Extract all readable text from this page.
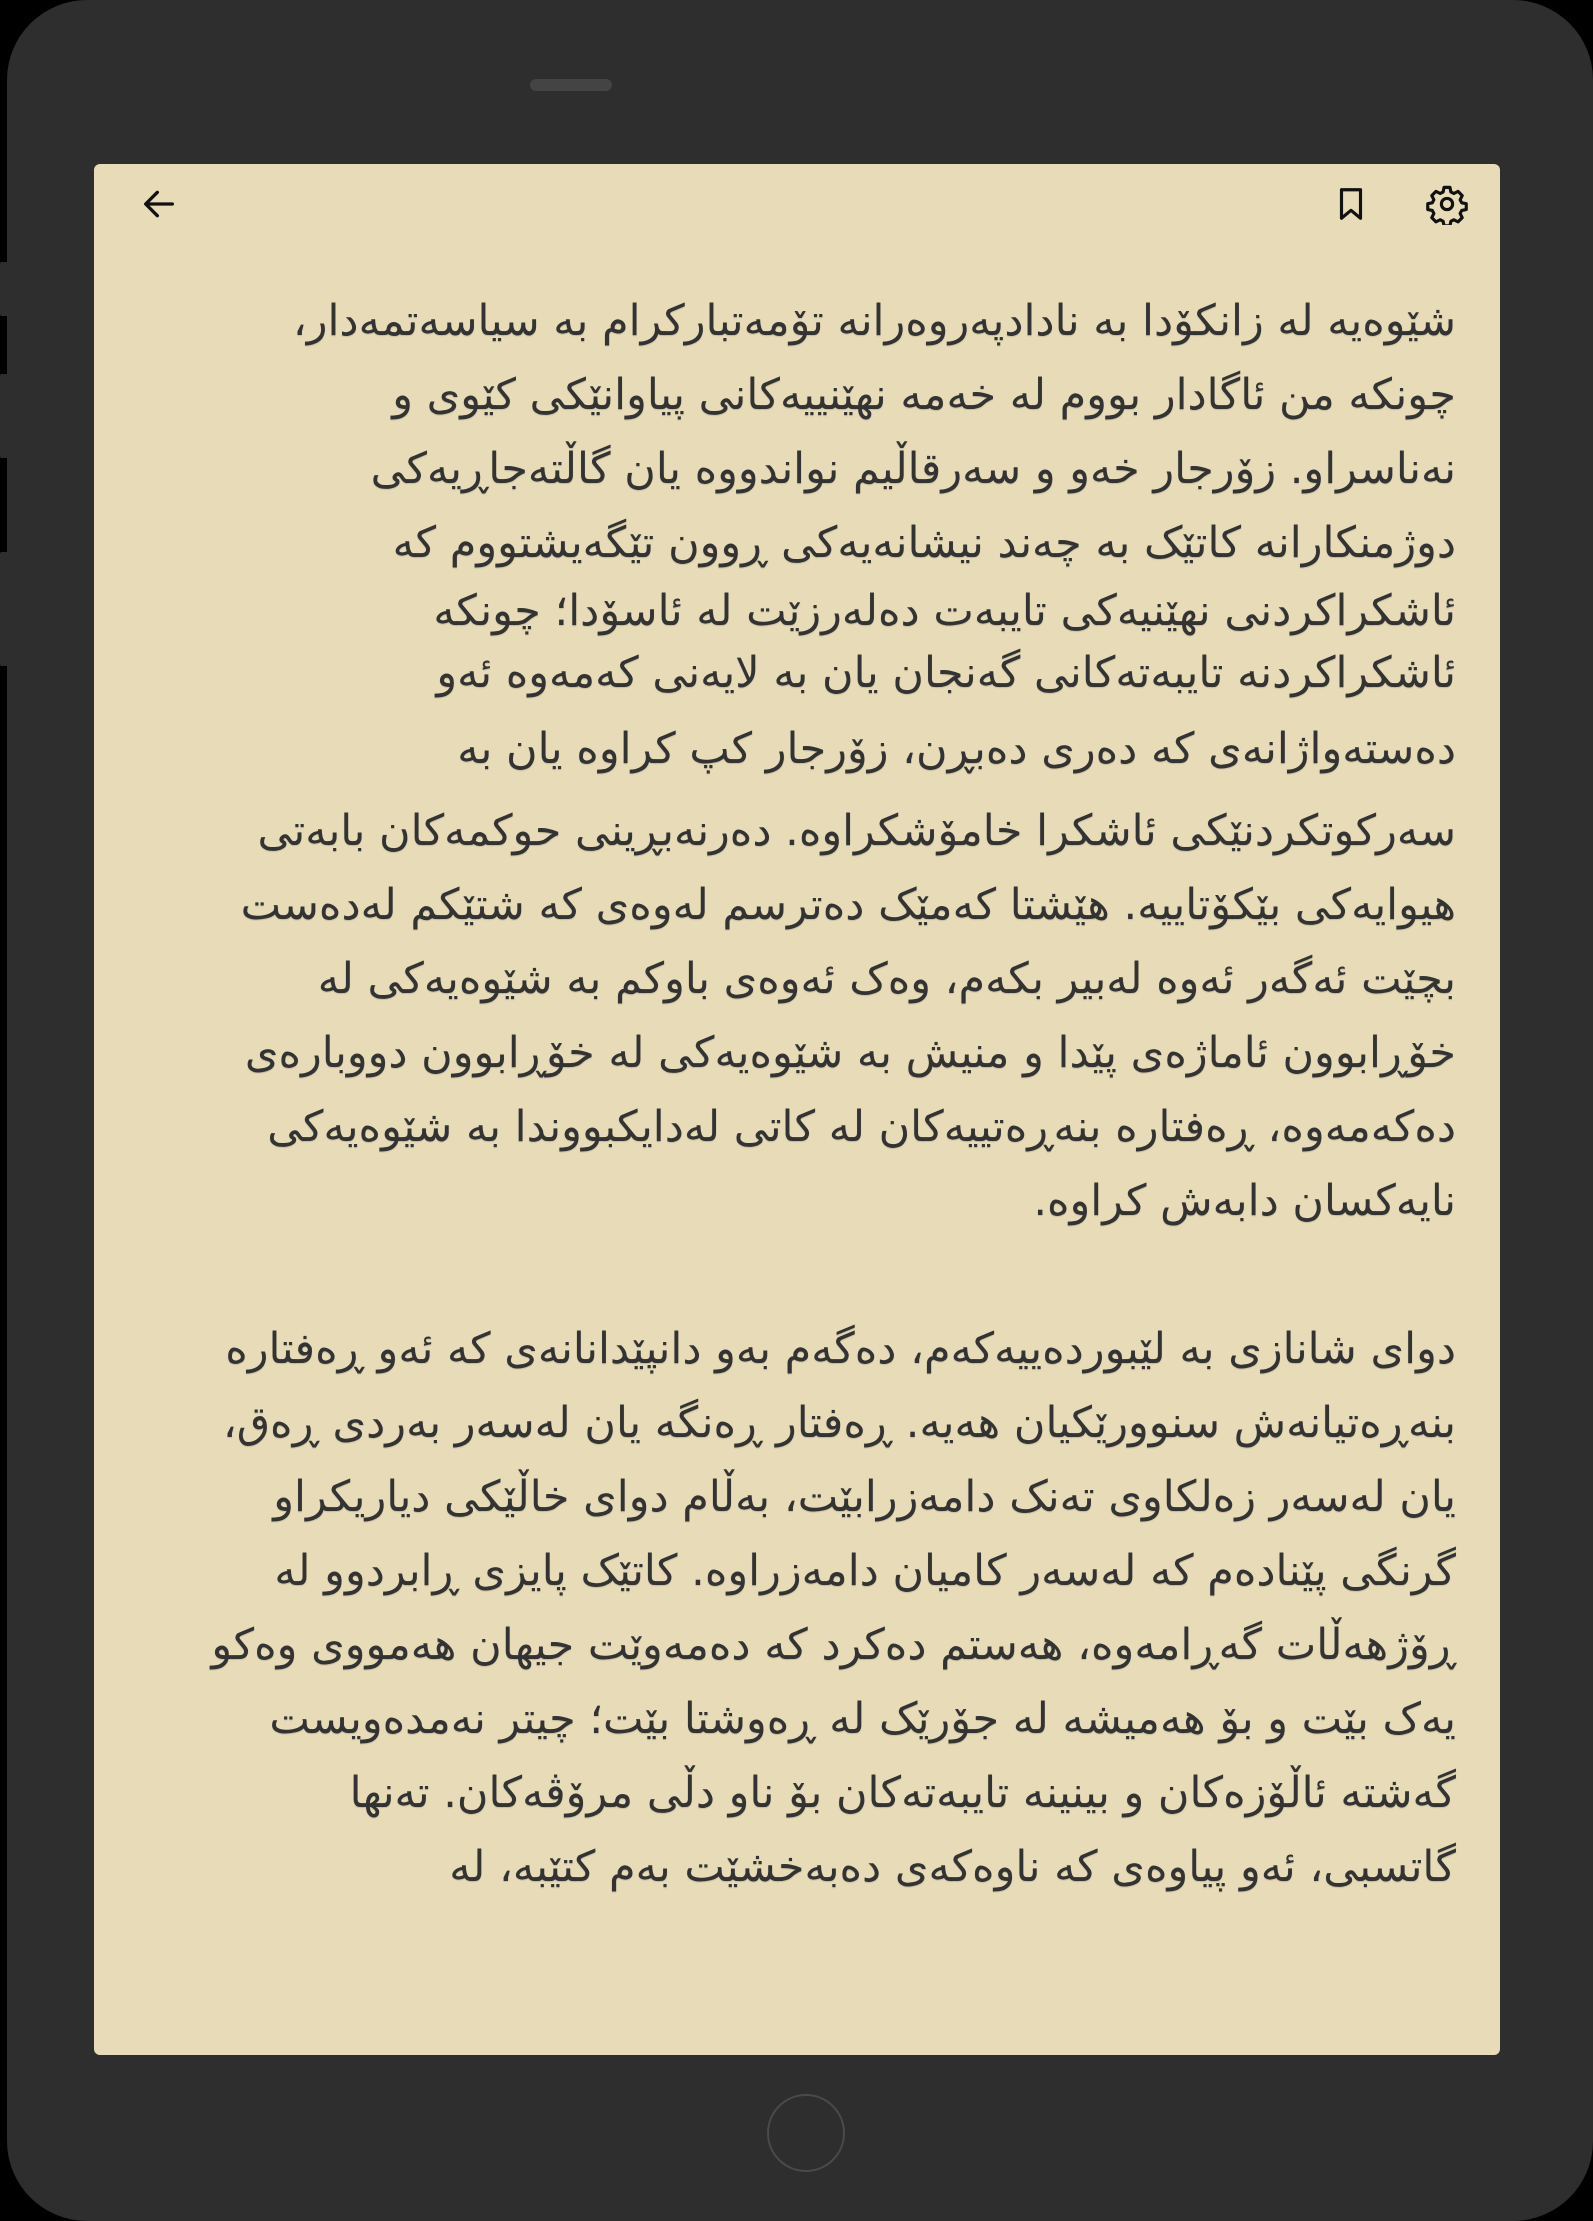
شێوەیە لە زانکۆدا بە نادادپەروەرانە تۆمەتبارکرام بە سیاسەتمەدار،
چونکە من ئاگادار بووم لە خەمە نهێنییەکانی پیاوانێکی کێوی و
نەناسراو. زۆرجار خەو و سەرقاڵیم نواندووە یان گاڵتەجاڕیەکی
دوژمنکارانە کاتێک بە چەند نیشانەیەکی ڕوون تێگەیشتووم کە
ئاشکراکردنی نهێنیەکی تایبەت دەلەرزێت لە ئاسۆدا؛ چونکە
ئاشکراکردنە تایبەتەکانی گەنجان یان بە لایەنی کەمەوە ئەو
دەستەواژانەی کە دەری دەبڕن، زۆرجار کپ کراوە یان بە
سەرکوتکردنێکی ئاشکرا خامۆشکراوە. دەرنەبڕینی حوکمەکان بابەتی
هیوایەکی بێکۆتاییە. هێشتا کەمێک دەترسم لەوەی کە شتێکم لەدەست
بچێت ئەگەر ئەوە لەبیر بکەم، وەک ئەوەی باوکم بە شێوەیەکی لە
خۆڕابوون ئاماژەی پێدا و منیش بە شێوەیەکی لە خۆڕابوون دووبارەی
دەکەمەوە، ڕەفتارە بنەڕەتییەکان لە کاتی لەدایکبووندا بە شێوەیەکی
نایەکسان دابەش کراوە.

دوای شانازی بە لێبوردەییەکەم، دەگەم بەو دانپێدانانەی کە ئەو ڕەفتارە
بنەڕەتیانەش سنوورێکیان هەیە. ڕەفتار ڕەنگە یان لەسەر بەردی ڕەق،
یان لەسەر زەلکاوی تەنک دامەزرابێت، بەڵام دوای خاڵێکی دیاریکراو
گرنگی پێنادەم کە لەسەر کامیان دامەزراوە. کاتێک پایزی ڕابردوو لە
ڕۆژهەڵات گەڕامەوە، هەستم دەکرد کە دەمەوێت جیهان هەمووی وەکو
یەک بێت و بۆ هەمیشە لە جۆرێک لە ڕەوشتا بێت؛ چیتر نەمدەویست
گەشتە ئاڵۆزەکان و بینینە تایبەتەکان بۆ ناو دڵی مرۆڤەکان. تەنها
گاتسبی، ئەو پیاوەی کە ناوەکەی دەبەخشێت بەم کتێبە، لە
